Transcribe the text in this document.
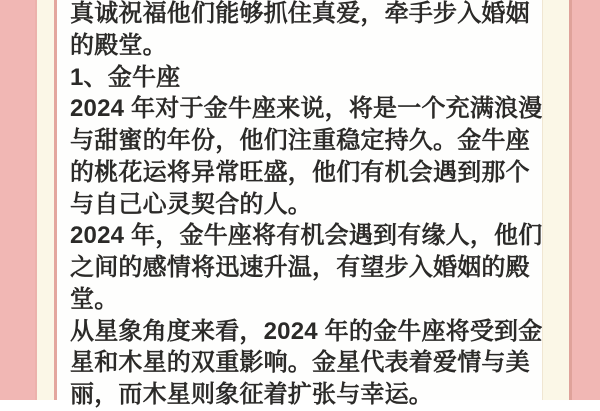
真诚祝福他们能够抓住真爱，牵手步入婚姻
的殿堂。
1、金牛座
2024 年对于金牛座来说，将是一个充满浪漫
与甜蜜的年份，他们注重稳定持久。金牛座
的桃花运将异常旺盛，他们有机会遇到那个
与自己心灵契合的人。
2024 年，金牛座将有机会遇到有缘人，他们
之间的感情将迅速升温，有望步入婚姻的殿
堂。
从星象角度来看，2024 年的金牛座将受到金
星和木星的双重影响。金星代表着爱情与美
丽，而木星则象征着扩张与幸运。
